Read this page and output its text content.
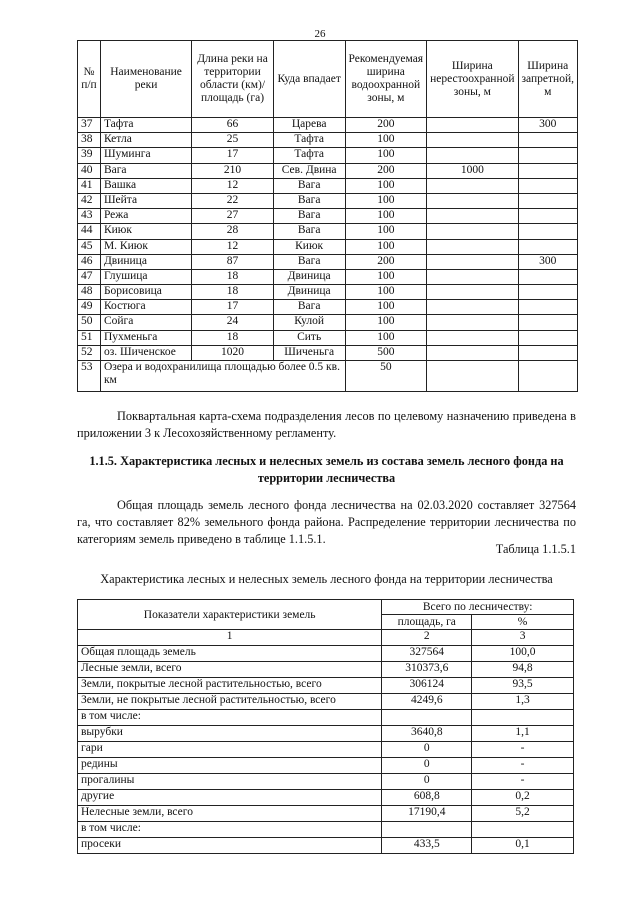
26
№ п/п	Наименование реки	Длина реки на территории области (км)/площадь (га)	Куда впадает	Рекомендуемая ширина водоохранной зоны, м	Ширина нерестоохранной зоны, м	Ширина запретной, м
37	Тафта	66	Царева	200		300
38	Кетла	25	Тафта	100		
39	Шуминга	17	Тафта	100		
40	Вага	210	Сев. Двина	200	1000	
41	Вашка	12	Вага	100		
42	Шейта	22	Вага	100		
43	Режа	27	Вага	100		
44	Киюк	28	Вага	100		
45	М. Киюк	12	Киюк	100		
46	Двиница	87	Вага	200		300
47	Глушица	18	Двиница	100		
48	Борисовица	18	Двиница	100		
49	Костюга	17	Вага	100		
50	Сойга	24	Кулой	100		
51	Пухменьга	18	Сить	100		
52	оз. Шиченское	1020	Шиченьга	500		
53	Озера и водохранилища площадью более 0.5 кв. км			50		
Поквартальная карта-схема подразделения лесов по целевому назначению приведена в приложении 3 к Лесохозяйственному регламенту.
1.1.5. Характеристика лесных и нелесных земель из состава земель лесного фонда на территории лесничества
Общая площадь земель лесного фонда лесничества на 02.03.2020 составляет 327564 га, что составляет 82% земельного фонда района. Распределение территории лесничества по категориям земель приведено в таблице 1.1.5.1.
Таблица 1.1.5.1
Характеристика лесных и нелесных земель лесного фонда на территории лесничества
Показатели характеристики земель	Всего по лесничеству:	
	площадь, га	%
1	2	3
Общая площадь земель	327564	100,0
Лесные земли, всего	310373,6	94,8
Земли, покрытые лесной растительностью, всего	306124	93,5
Земли, не покрытые лесной растительностью, всего	4249,6	1,3
в том числе:		
вырубки	3640,8	1,1
гари	0	-
редины	0	-
прогалины	0	-
другие	608,8	0,2
Нелесные земли, всего	17190,4	5,2
в том числе:		
просеки	433,5	0,1
